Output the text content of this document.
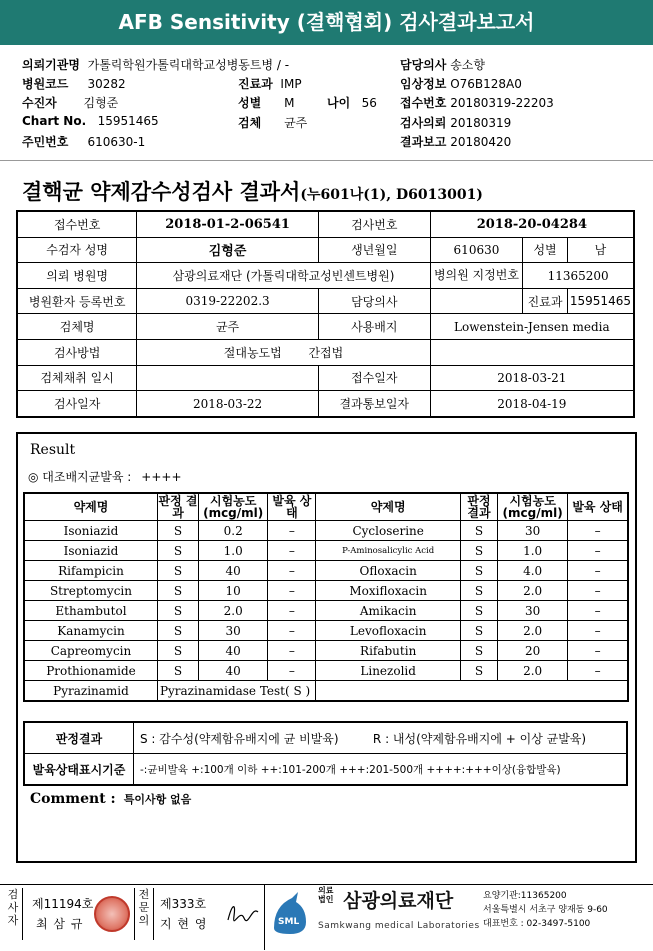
AFB Sensitivity (결핵협회) 검사결과보고서
의뢰기관명 가톨릭학원가톨릭대학교성병동트병 / -
병원코드 30282	진료과 IMP
수진자 김형준	성별 M	나이 56
Chart No. 15951465	검체 균주
주민번호 610630-1
담당의사 송소향
임상정보 O76B128A0
접수번호 20180319-22203
검사의뢰 20180319
결과보고 20180420
결핵균 약제감수성검사 결과서(누601나(1), D6013001)
접수번호	2018-01-2-06541	검사번호	2018-20-04284		
수검자 성명	김형준	생년월일	610630	성별	남
의뢰 병원명	삼광의료재단 (가톨릭대학교성빈센트병원)		병의원 지정번호	11365200	
병원환자 등록번호	0319-22202.3	담당의사		진료과	15951465
검체명	균주	사용배지	Lowenstein-Jensen media		
검사방법	절대농도법 간접법				
검체채취 일시		접수일자	2018-03-21		
검사일자	2018-03-22	결과통보일자	2018-04-19		
Result
◎ 대조배지균발육 : ++++
약제명	판정 결과	시험농도 (mcg/ml)	발육 상태	약제명	판정 결과	시험농도 (mcg/ml)	발육 상태
Isoniazid	S	0.2	–	Cycloserine	S	30	–
Isoniazid	S	1.0	–	P-Aminosalicylic Acid	S	1.0	–
Rifampicin	S	40	–	Ofloxacin	S	4.0	–
Streptomycin	S	10	–	Moxifloxacin	S	2.0	–
Ethambutol	S	2.0	–	Amikacin	S	30	–
Kanamycin	S	30	–	Levofloxacin	S	2.0	–
Capreomycin	S	40	–	Rifabutin	S	20	–
Prothionamide	S	40	–	Linezolid	S	2.0	–
Pyrazinamid	Pyrazinamidase Test( S )						
판정결과	S : 감수성(약제함유배지에 균 비발육) R : 내성(약제함유배지에 + 이상 균발육)
발육상태표시기준	-:균비발육 +:100개 이하 ++:101-200개 +++:201-500개 ++++:+++이상(융합발육)
Comment : 특이사항 없음
검사자
제11194호
최 삼 규
전문의
제333호
지 현 영	SML
의료법인 삼광의료재단
Samkwang medical Laboratories
요양기관:11365200
서울특별시 서초구 양재동 9-60
대표번호 : 02-3497-5100
